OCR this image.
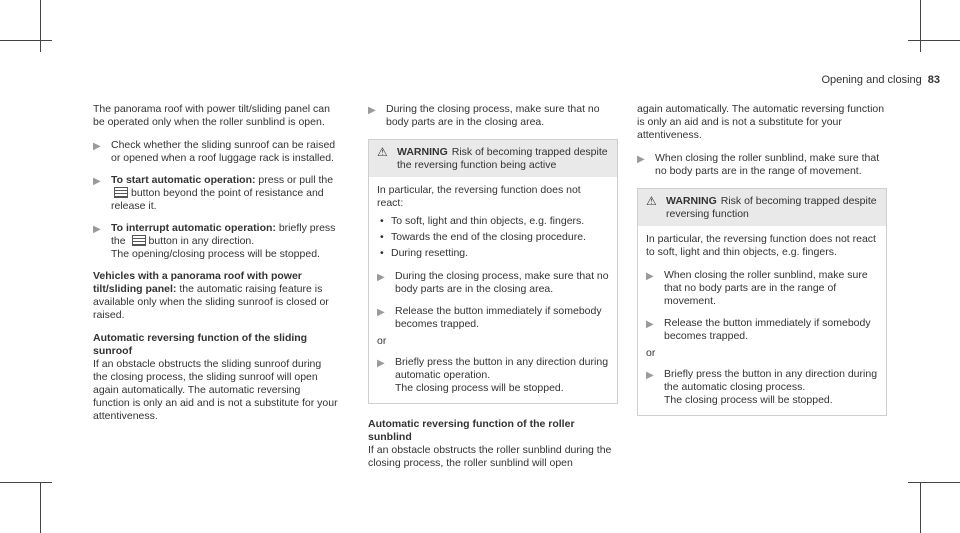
Opening and closing 83

The panorama roof with power tilt/sliding panel can be operated only when the roller sunblind is open.

▶ Check whether the sliding sunroof can be raised or opened when a roof luggage rack is installed.
▶ To start automatic operation: press or pull the button beyond the point of resistance and release it.
▶ To interrupt automatic operation: briefly press the button in any direction.
The opening/closing process will be stopped.

Vehicles with a panorama roof with power tilt/sliding panel: the automatic raising feature is available only when the sliding sunroof is closed or raised.

Automatic reversing function of the sliding sunroof

If an obstacle obstructs the sliding sunroof during the closing process, the sliding sunroof will open again automatically. The automatic reversing function is only an aid and is not a substitute for your attentiveness.

▶ During the closing process, make sure that no body parts are in the closing area.
⚠ WARNING Risk of becoming trapped despite the reversing function being active

In particular, the reversing function does not react:

• To soft, light and thin objects, e.g. fingers.
• Towards the end of the closing procedure.
• During resetting.
▶ During the closing process, make sure that no body parts are in the closing area.
▶ Release the button immediately if somebody becomes trapped.
or
▶ Briefly press the button in any direction during automatic operation.
The closing process will be stopped.
Automatic reversing function of the roller sunblind

If an obstacle obstructs the roller sunblind during the closing process, the roller sunblind will open

again automatically. The automatic reversing function is only an aid and is not a substitute for your attentiveness.

▶ When closing the roller sunblind, make sure that no body parts are in the range of movement.
⚠ WARNING Risk of becoming trapped despite reversing function

In particular, the reversing function does not react to soft, light and thin objects, e.g. fingers.

▶ When closing the roller sunblind, make sure that no body parts are in the range of movement.
▶ Release the button immediately if somebody becomes trapped.
or
▶ Briefly press the button in any direction during the automatic closing process.
The closing process will be stopped.
